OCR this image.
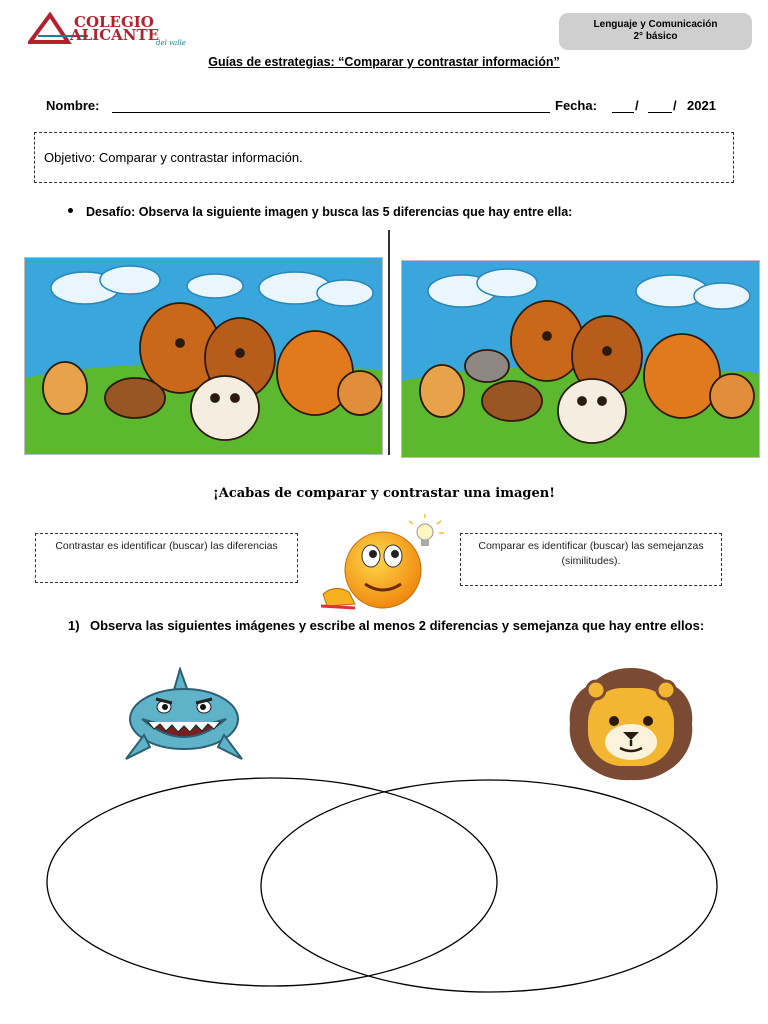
COLEGIO
ALICANTE
del valle
Lenguaje y Comunicación
2° básico
Guías de estrategias: “Comparar y contrastar información”
Nombre:	Fecha:	/	/ 2021
Objetivo: Comparar y contrastar información.
Desafío: Observa la siguiente imagen y busca las 5 diferencias que hay entre ella:
¡Acabas de comparar y contrastar una imagen!
Contrastar es identificar (buscar) las diferencias	Comparar es identificar (buscar) las semejanzas (similitudes).
1) Observa las siguientes imágenes y escribe al menos 2 diferencias y semejanza que hay entre ellos:
